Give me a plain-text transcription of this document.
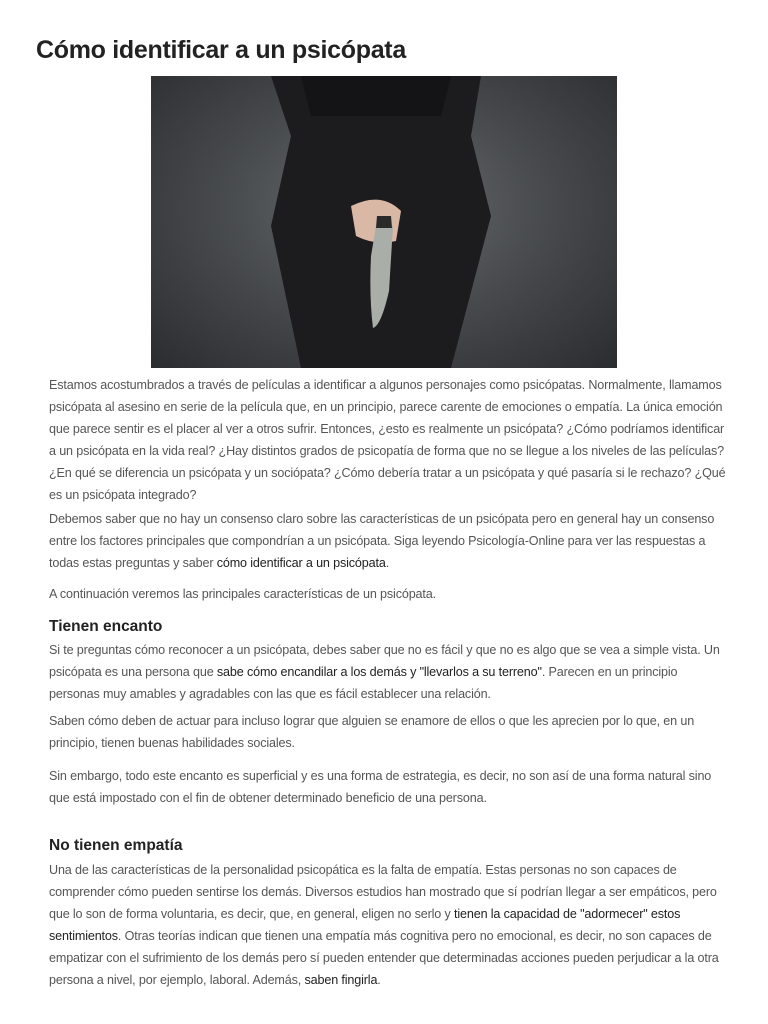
Cómo identificar a un psicópata

Estamos acostumbrados a través de películas a identificar a algunos personajes como psicópatas. Normalmente, llamamos psicópata al asesino en serie de la película que, en un principio, parece carente de emociones o empatía. La única emoción que parece sentir es el placer al ver a otros sufrir. Entonces, ¿esto es realmente un psicópata? ¿Cómo podríamos identificar a un psicópata en la vida real? ¿Hay distintos grados de psicopatía de forma que no se llegue a los niveles de las películas? ¿En qué se diferencia un psicópata y un sociópata? ¿Cómo debería tratar a un psicópata y qué pasaría si le rechazo? ¿Qué es un psicópata integrado?

Debemos saber que no hay un consenso claro sobre las características de un psicópata pero en general hay un consenso entre los factores principales que compondrían a un psicópata. Siga leyendo Psicología-Online para ver las respuestas a todas estas preguntas y saber cómo identificar a un psicópata.

A continuación veremos las principales características de un psicópata.

Tienen encanto

Si te preguntas cómo reconocer a un psicópata, debes saber que no es fácil y que no es algo que se vea a simple vista. Un psicópata es una persona que sabe cómo encandilar a los demás y "llevarlos a su terreno". Parecen en un principio personas muy amables y agradables con las que es fácil establecer una relación.

Saben cómo deben de actuar para incluso lograr que alguien se enamore de ellos o que les aprecien por lo que, en un principio, tienen buenas habilidades sociales.

Sin embargo, todo este encanto es superficial y es una forma de estrategia, es decir, no son así de una forma natural sino que está impostado con el fin de obtener determinado beneficio de una persona.

No tienen empatía

Una de las características de la personalidad psicopática es la falta de empatía. Estas personas no son capaces de comprender cómo pueden sentirse los demás. Diversos estudios han mostrado que sí podrían llegar a ser empáticos, pero que lo son de forma voluntaria, es decir, que, en general, eligen no serlo y tienen la capacidad de "adormecer" estos sentimientos. Otras teorías indican que tienen una empatía más cognitiva pero no emocional, es decir, no son capaces de empatizar con el sufrimiento de los demás pero sí pueden entender que determinadas acciones pueden perjudicar a la otra persona a nivel, por ejemplo, laboral. Además, saben fingirla.
